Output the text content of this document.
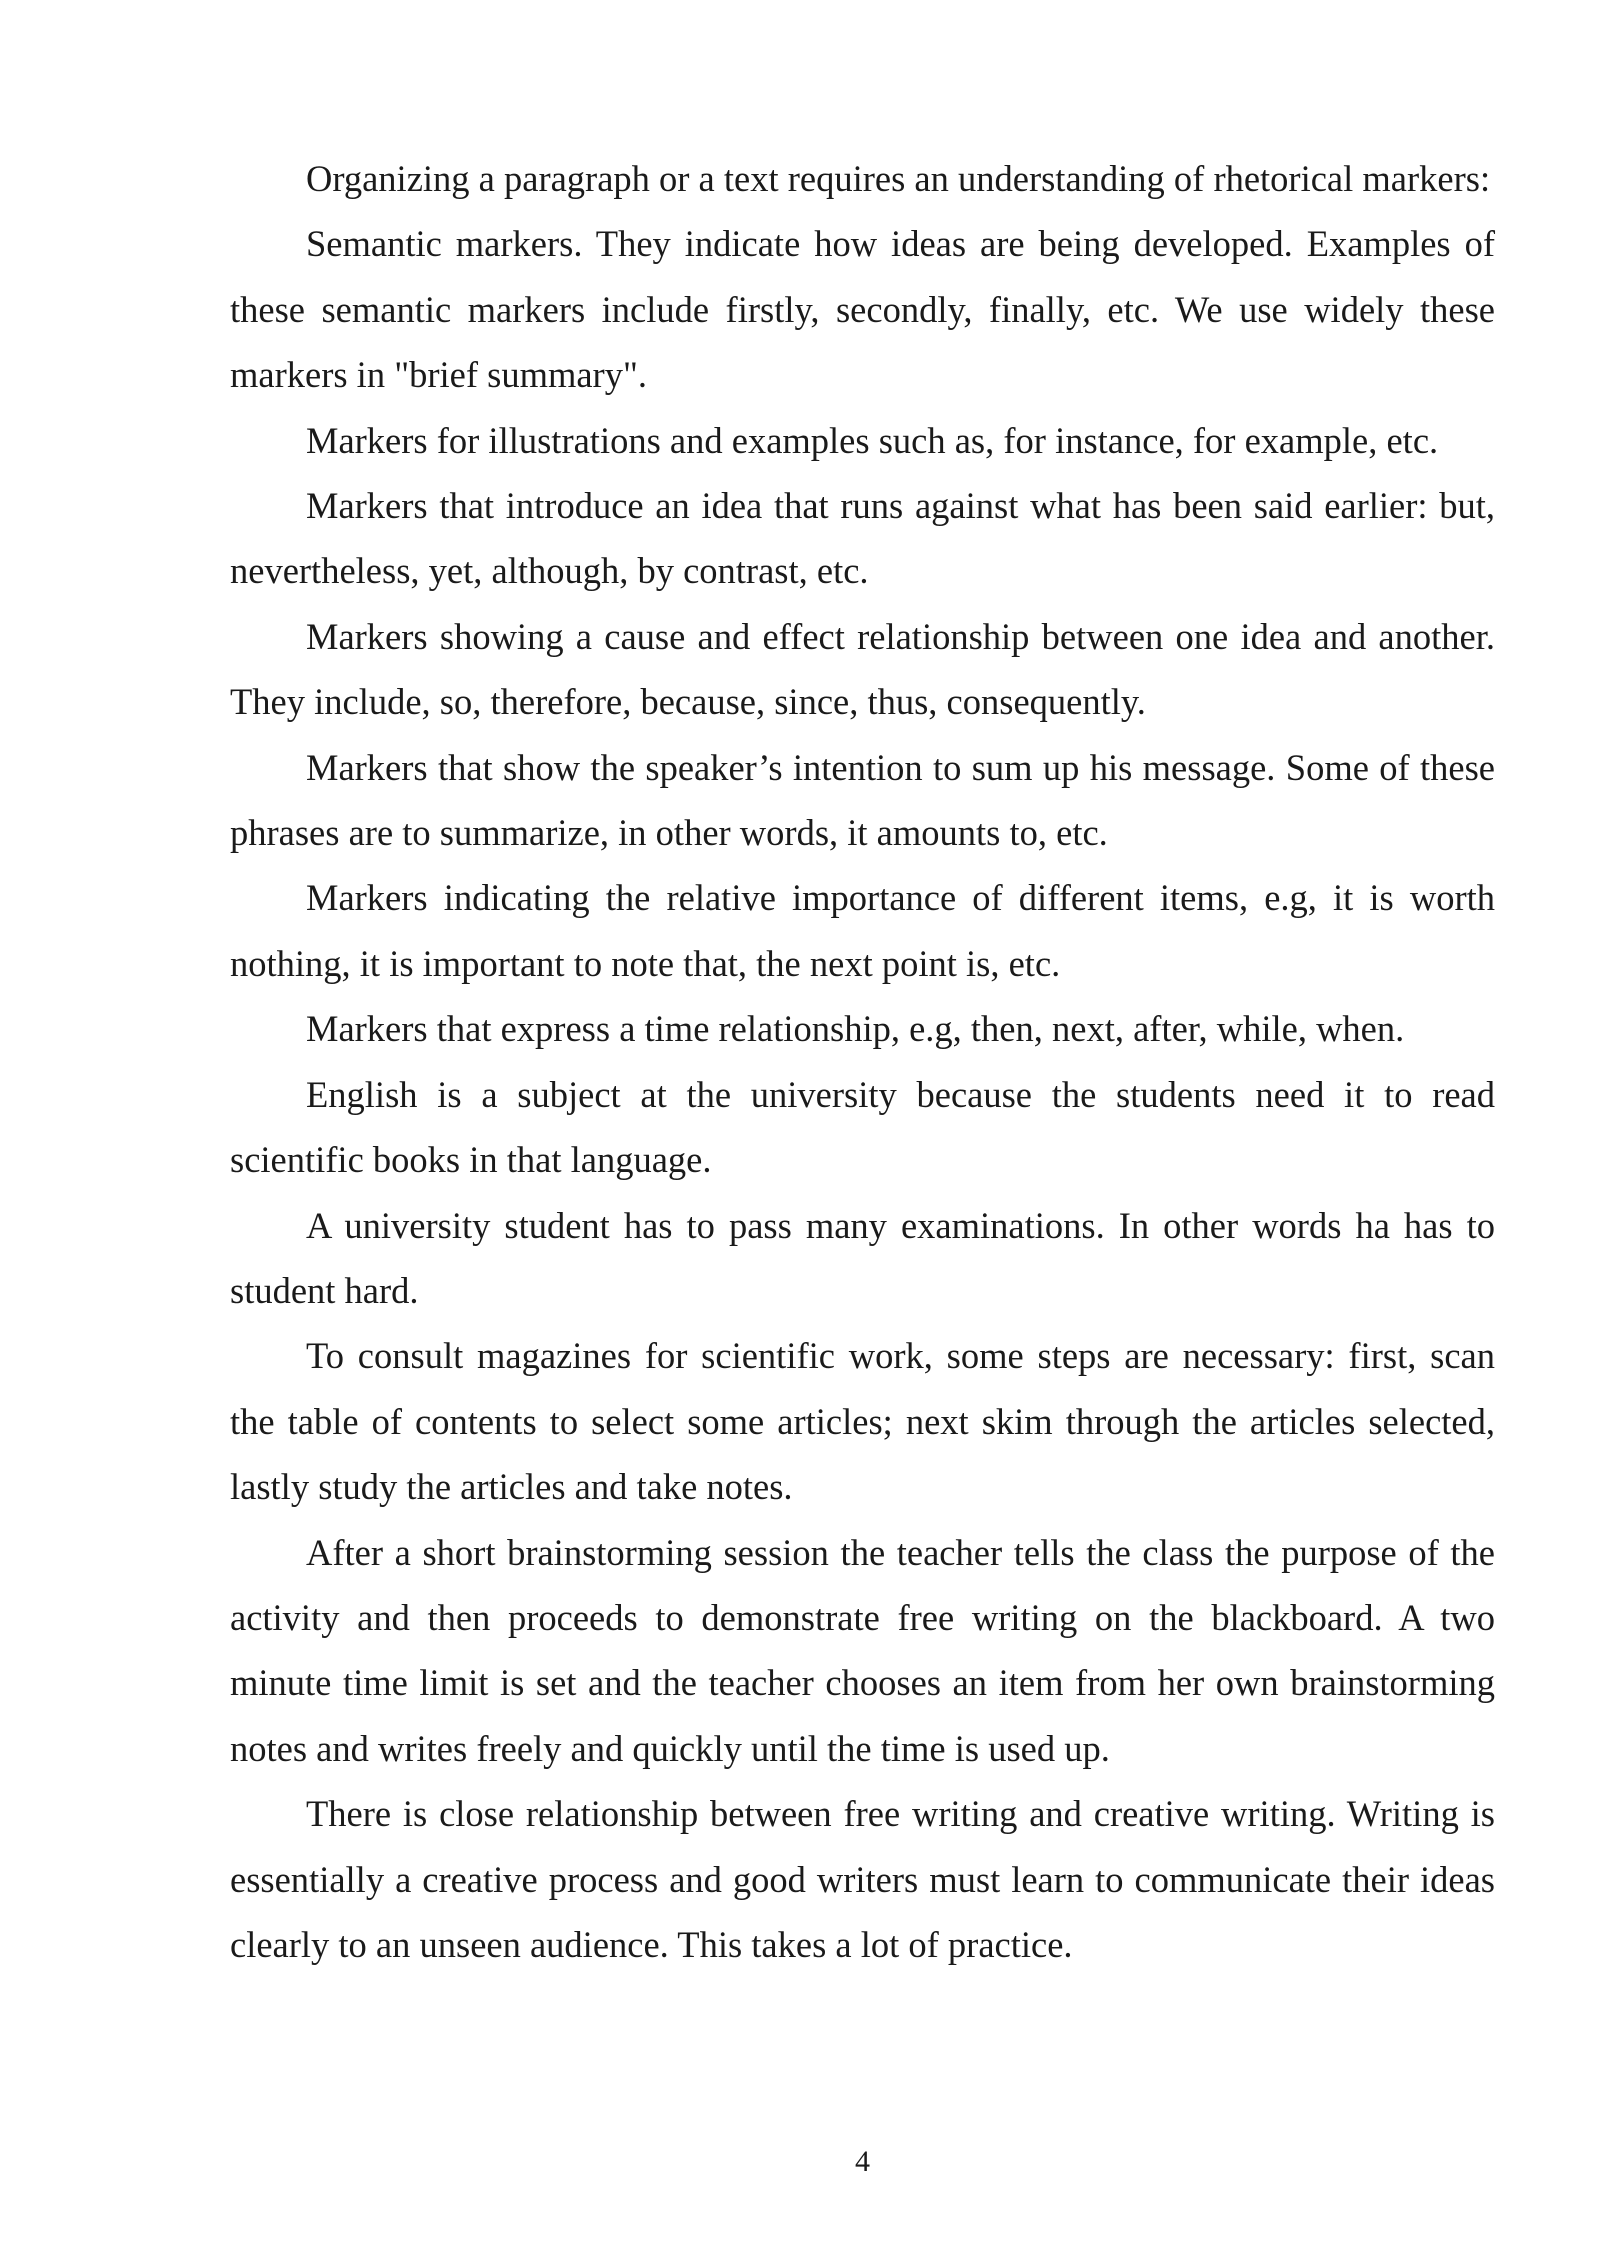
Organizing a paragraph or a text requires an understanding of rhetorical markers:

Semantic markers. They indicate how ideas are being developed. Examples of these semantic markers include firstly, secondly, finally, etc. We use widely these markers in "brief summary".

Markers for illustrations and examples such as, for instance, for example, etc.

Markers that introduce an idea that runs against what has been said earlier: but, nevertheless, yet, although, by contrast, etc.

Markers showing a cause and effect relationship between one idea and another. They include, so, therefore, because, since, thus, consequently.

Markers that show the speaker’s intention to sum up his message. Some of these phrases are to summarize, in other words, it amounts to, etc.

Markers indicating the relative importance of different items, e.g, it is worth nothing, it is important to note that, the next point is, etc.

Markers that express a time relationship, e.g, then, next, after, while, when.

English is a subject at the university because the students need it to read scientific books in that language.

A university student has to pass many examinations. In other words ha has to student hard.

To consult magazines for scientific work, some steps are necessary: first, scan the table of contents to select some articles; next skim through the articles selected, lastly study the articles and take notes.

After a short brainstorming session the teacher tells the class the purpose of the activity and then proceeds to demonstrate free writing on the blackboard. A two minute time limit is set and the teacher chooses an item from her own brainstorming notes and writes freely and quickly until the time is used up.

There is close relationship between free writing and creative writing. Writing is essentially a creative process and good writers must learn to communicate their ideas clearly to an unseen audience. This takes a lot of practice.

4
